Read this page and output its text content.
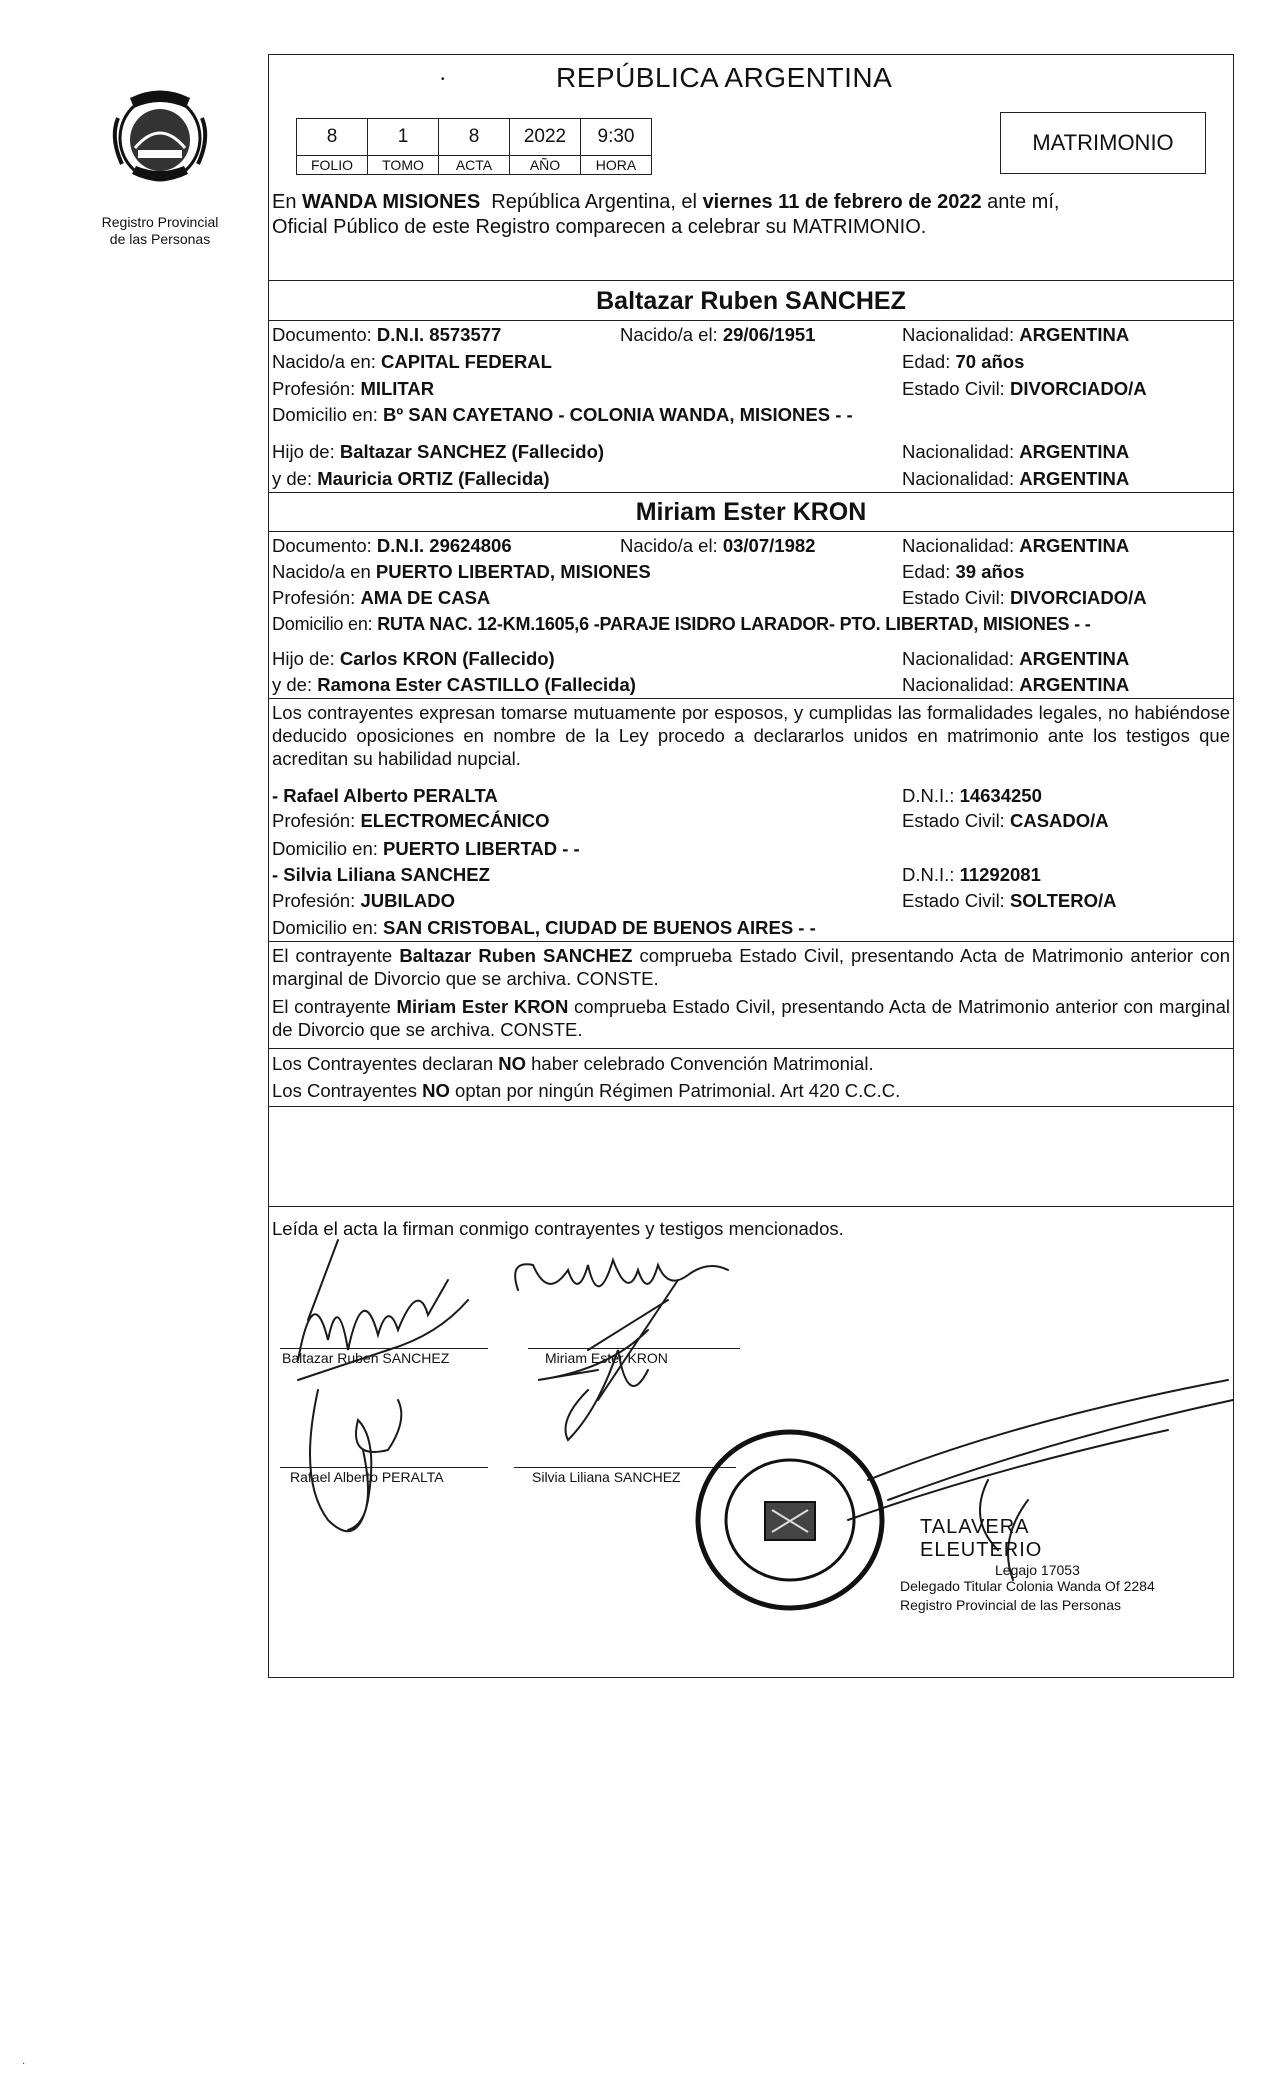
Registro Provincial
de las Personas
REPÚBLICA ARGENTINA
•
8	1	8	2022	9:30
FOLIO	TOMO	ACTA	AÑO	HORA
MATRIMONIO
En WANDA MISIONES  República Argentina, el viernes 11 de febrero de 2022 ante mí,
Oficial Público de este Registro comparecen a celebrar su MATRIMONIO.
Baltazar Ruben SANCHEZ
Documento: D.N.I. 8573577	Nacido/a el: 29/06/1951	Nacionalidad: ARGENTINA
Nacido/a en: CAPITAL FEDERAL	Edad: 70 años
Profesión: MILITAR	Estado Civil: DIVORCIADO/A
Domicilio en: Bº SAN CAYETANO - COLONIA WANDA, MISIONES - -
Hijo de: Baltazar SANCHEZ (Fallecido)	Nacionalidad: ARGENTINA
y de: Mauricia ORTIZ (Fallecida)	Nacionalidad: ARGENTINA
Miriam Ester KRON
Documento: D.N.I. 29624806	Nacido/a el: 03/07/1982	Nacionalidad: ARGENTINA
Nacido/a en PUERTO LIBERTAD, MISIONES	Edad: 39 años
Profesión: AMA DE CASA	Estado Civil: DIVORCIADO/A
Domicilio en: RUTA NAC. 12-KM.1605,6 -PARAJE ISIDRO LARADOR- PTO. LIBERTAD, MISIONES - -
Hijo de: Carlos KRON (Fallecido)	Nacionalidad: ARGENTINA
y de: Ramona Ester CASTILLO (Fallecida)	Nacionalidad: ARGENTINA
Los contrayentes expresan tomarse mutuamente por esposos, y cumplidas las formalidades legales, no habiéndose deducido oposiciones en nombre de la Ley procedo a declararlos unidos en matrimonio ante los testigos que acreditan su habilidad nupcial.
- Rafael Alberto PERALTA	D.N.I.: 14634250
Profesión: ELECTROMECÁNICO	Estado Civil: CASADO/A
Domicilio en: PUERTO LIBERTAD - -
- Silvia Liliana SANCHEZ	D.N.I.: 11292081
Profesión: JUBILADO	Estado Civil: SOLTERO/A
Domicilio en: SAN CRISTOBAL, CIUDAD DE BUENOS AIRES - -
El contrayente Baltazar Ruben SANCHEZ comprueba Estado Civil, presentando Acta de Matrimonio anterior con marginal de Divorcio que se archiva. CONSTE.
El contrayente Miriam Ester KRON comprueba Estado Civil, presentando Acta de Matrimonio anterior con marginal de Divorcio que se archiva. CONSTE.
Los Contrayentes declaran NO haber celebrado Convención Matrimonial.
Los Contrayentes NO optan por ningún Régimen Patrimonial. Art 420 C.C.C.
Leída el acta la firman conmigo contrayentes y testigos mencionados.
Baltazar Ruben SANCHEZ	Miriam Ester KRON
Rafael Alberto PERALTA	Silvia Liliana SANCHEZ
TALAVERA ELEUTERIO
Legajo 17053
Delegado Titular Colonia Wanda Of 2284
Registro Provincial de las Personas
·
